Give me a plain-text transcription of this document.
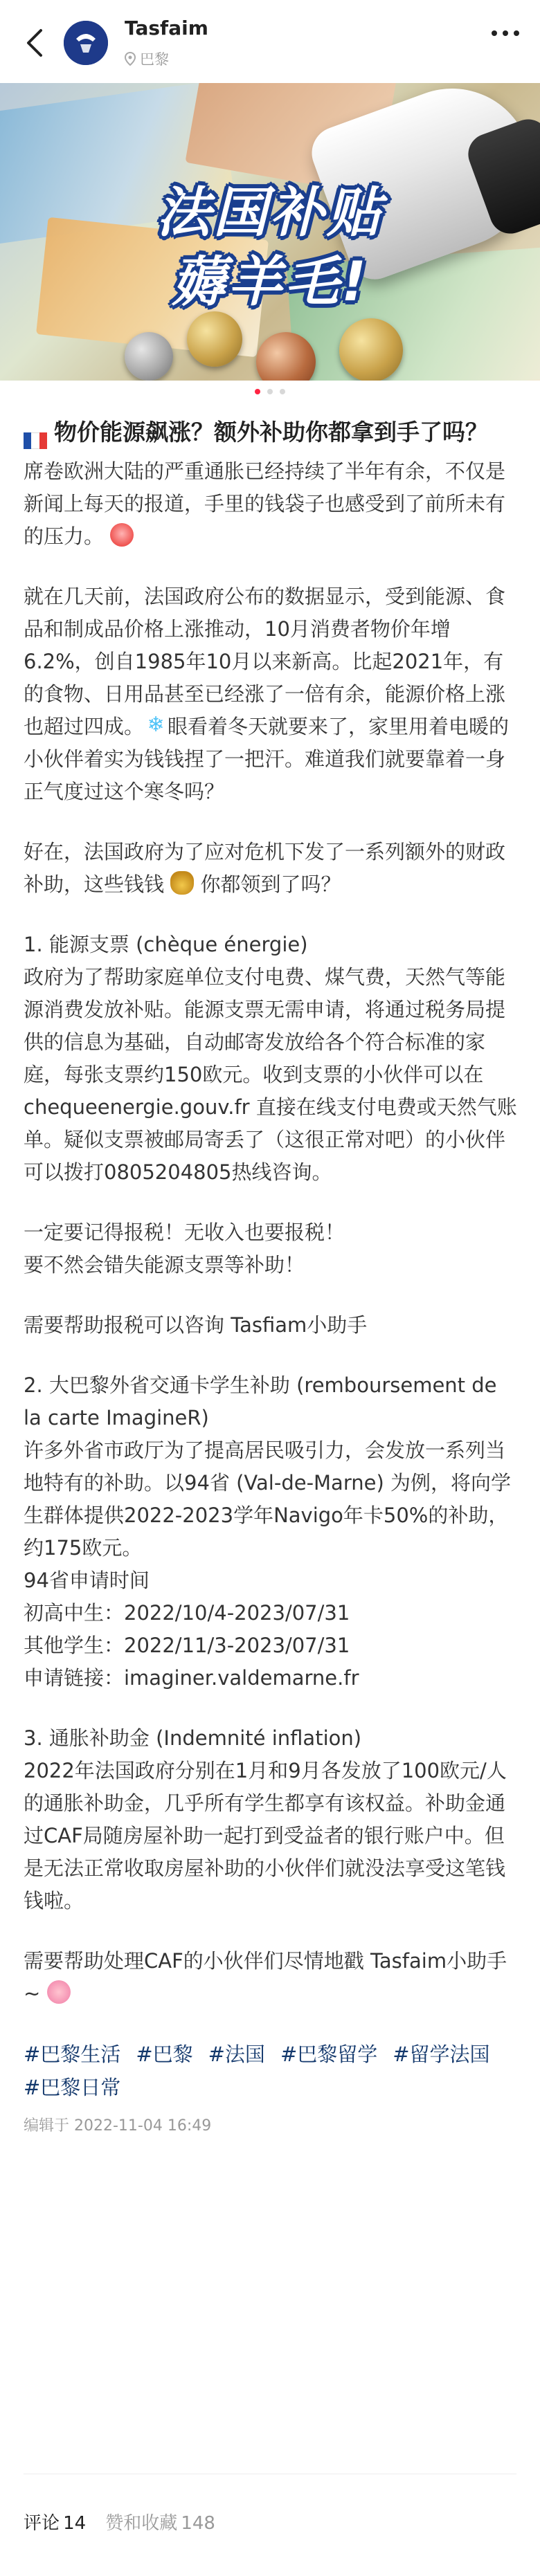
Tasfaim
巴黎
法国补贴
薅羊毛!
物价能源飙涨？额外补助你都拿到手了吗？
席卷欧洲大陆的严重通胀已经持续了半年有余，不仅是新闻上每天的报道，手里的钱袋子也感受到了前所未有的压力。
就在几天前，法国政府公布的数据显示，受到能源、食品和制成品价格上涨推动，10月消费者物价年增6.2%，创自1985年10月以来新高。比起2021年，有的食物、日用品甚至已经涨了一倍有余，能源价格上涨也超过四成。 ❄ 眼看着冬天就要来了，家里用着电暖的小伙伴着实为钱钱捏了一把汗。难道我们就要靠着一身正气度过这个寒冬吗？
好在，法国政府为了应对危机下发了一系列额外的财政补助，这些钱钱 你都领到了吗？
1. 能源支票 (chèque énergie)
政府为了帮助家庭单位支付电费、煤气费，天然气等能源消费发放补贴。能源支票无需申请，将通过税务局提供的信息为基础，自动邮寄发放给各个符合标准的家庭，每张支票约150欧元。收到支票的小伙伴可以在 chequeenergie.gouv.fr 直接在线支付电费或天然气账单。疑似支票被邮局寄丢了（这很正常对吧）的小伙伴可以拨打0805204805热线咨询。
一定要记得报税！无收入也要报税！
要不然会错失能源支票等补助！
需要帮助报税可以咨询 Tasfiam小助手
2. 大巴黎外省交通卡学生补助 (remboursement de la carte ImagineR)
许多外省市政厅为了提高居民吸引力，会发放一系列当地特有的补助。以94省 (Val-de-Marne) 为例，将向学生群体提供2022-2023学年Navigo年卡50%的补助，约175欧元。
94省申请时间
初高中生：2022/10/4-2023/07/31
其他学生：2022/11/3-2023/07/31
申请链接：imaginer.valdemarne.fr
3. 通胀补助金 (Indemnité inflation)
2022年法国政府分别在1月和9月各发放了100欧元/人的通胀补助金，几乎所有学生都享有该权益。补助金通过CAF局随房屋补助一起打到受益者的银行账户中。但是无法正常收取房屋补助的小伙伴们就没法享受这笔钱钱啦。
需要帮助处理CAF的小伙伴们尽情地戳 Tasfaim小助手~
#巴黎生活 #巴黎 #法国 #巴黎留学 #留学法国#巴黎日常
编辑于 2022-11-04 16:49
评论 14 赞和收藏 148
